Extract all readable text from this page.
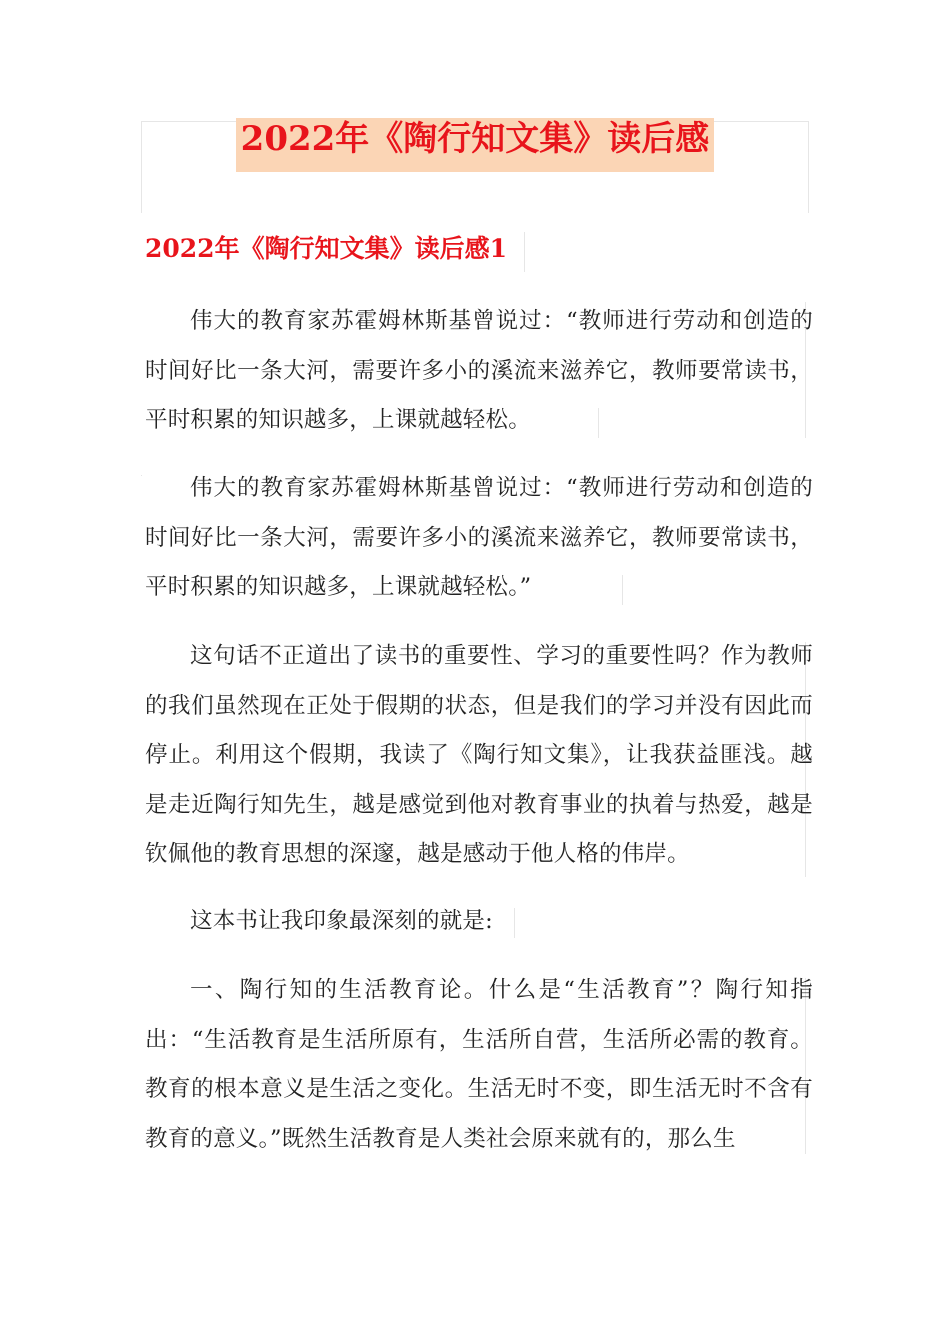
2022年《陶行知文集》读后感
2022年《陶行知文集》读后感1

伟大的教育家苏霍姆林斯基曾说过：“教师进行劳动和创造的时间好比一条大河，需要许多小的溪流来滋养它，教师要常读书，平时积累的知识越多，上课就越轻松。

伟大的教育家苏霍姆林斯基曾说过：“教师进行劳动和创造的时间好比一条大河，需要许多小的溪流来滋养它，教师要常读书，平时积累的知识越多，上课就越轻松。”

这句话不正道出了读书的重要性、学习的重要性吗？作为教师的我们虽然现在正处于假期的状态，但是我们的学习并没有因此而停止。利用这个假期，我读了《陶行知文集》，让我获益匪浅。越是走近陶行知先生，越是感觉到他对教育事业的执着与热爱，越是钦佩他的教育思想的深邃，越是感动于他人格的伟岸。

这本书让我印象最深刻的就是:

一、陶行知的生活教育论。什么是“生活教育”？陶行知指出：“生活教育是生活所原有，生活所自营，生活所必需的教育。教育的根本意义是生活之变化。生活无时不变，即生活无时不含有教育的意义。”既然生活教育是人类社会原来就有的，那么生
